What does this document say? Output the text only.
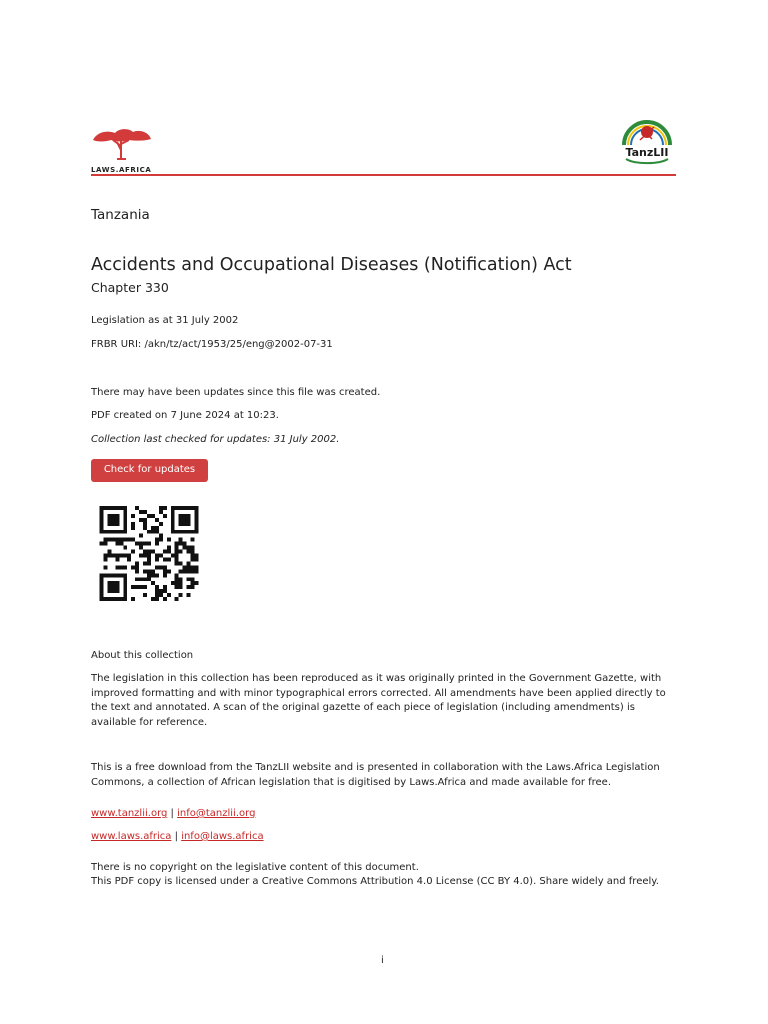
LAWS.AFRICA
TanzLII
Tanzania
Accidents and Occupational Diseases (Notification) Act
Chapter 330
Legislation as at 31 July 2002
FRBR URI: /akn/tz/act/1953/25/eng@2002-07-31
There may have been updates since this file was created.
PDF created on 7 June 2024 at 10:23.
Collection last checked for updates: 31 July 2002.
Check for updates
About this collection
The legislation in this collection has been reproduced as it was originally printed in the Government Gazette, with improved formatting and with minor typographical errors corrected. All amendments have been applied directly to the text and annotated. A scan of the original gazette of each piece of legislation (including amendments) is available for reference.
This is a free download from the TanzLII website and is presented in collaboration with the Laws.Africa Legislation Commons, a collection of African legislation that is digitised by Laws.Africa and made available for free.
www.tanzlii.org | info@tanzlii.org
www.laws.africa | info@laws.africa
There is no copyright on the legislative content of this document.
This PDF copy is licensed under a Creative Commons Attribution 4.0 License (CC BY 4.0). Share widely and freely.
i
